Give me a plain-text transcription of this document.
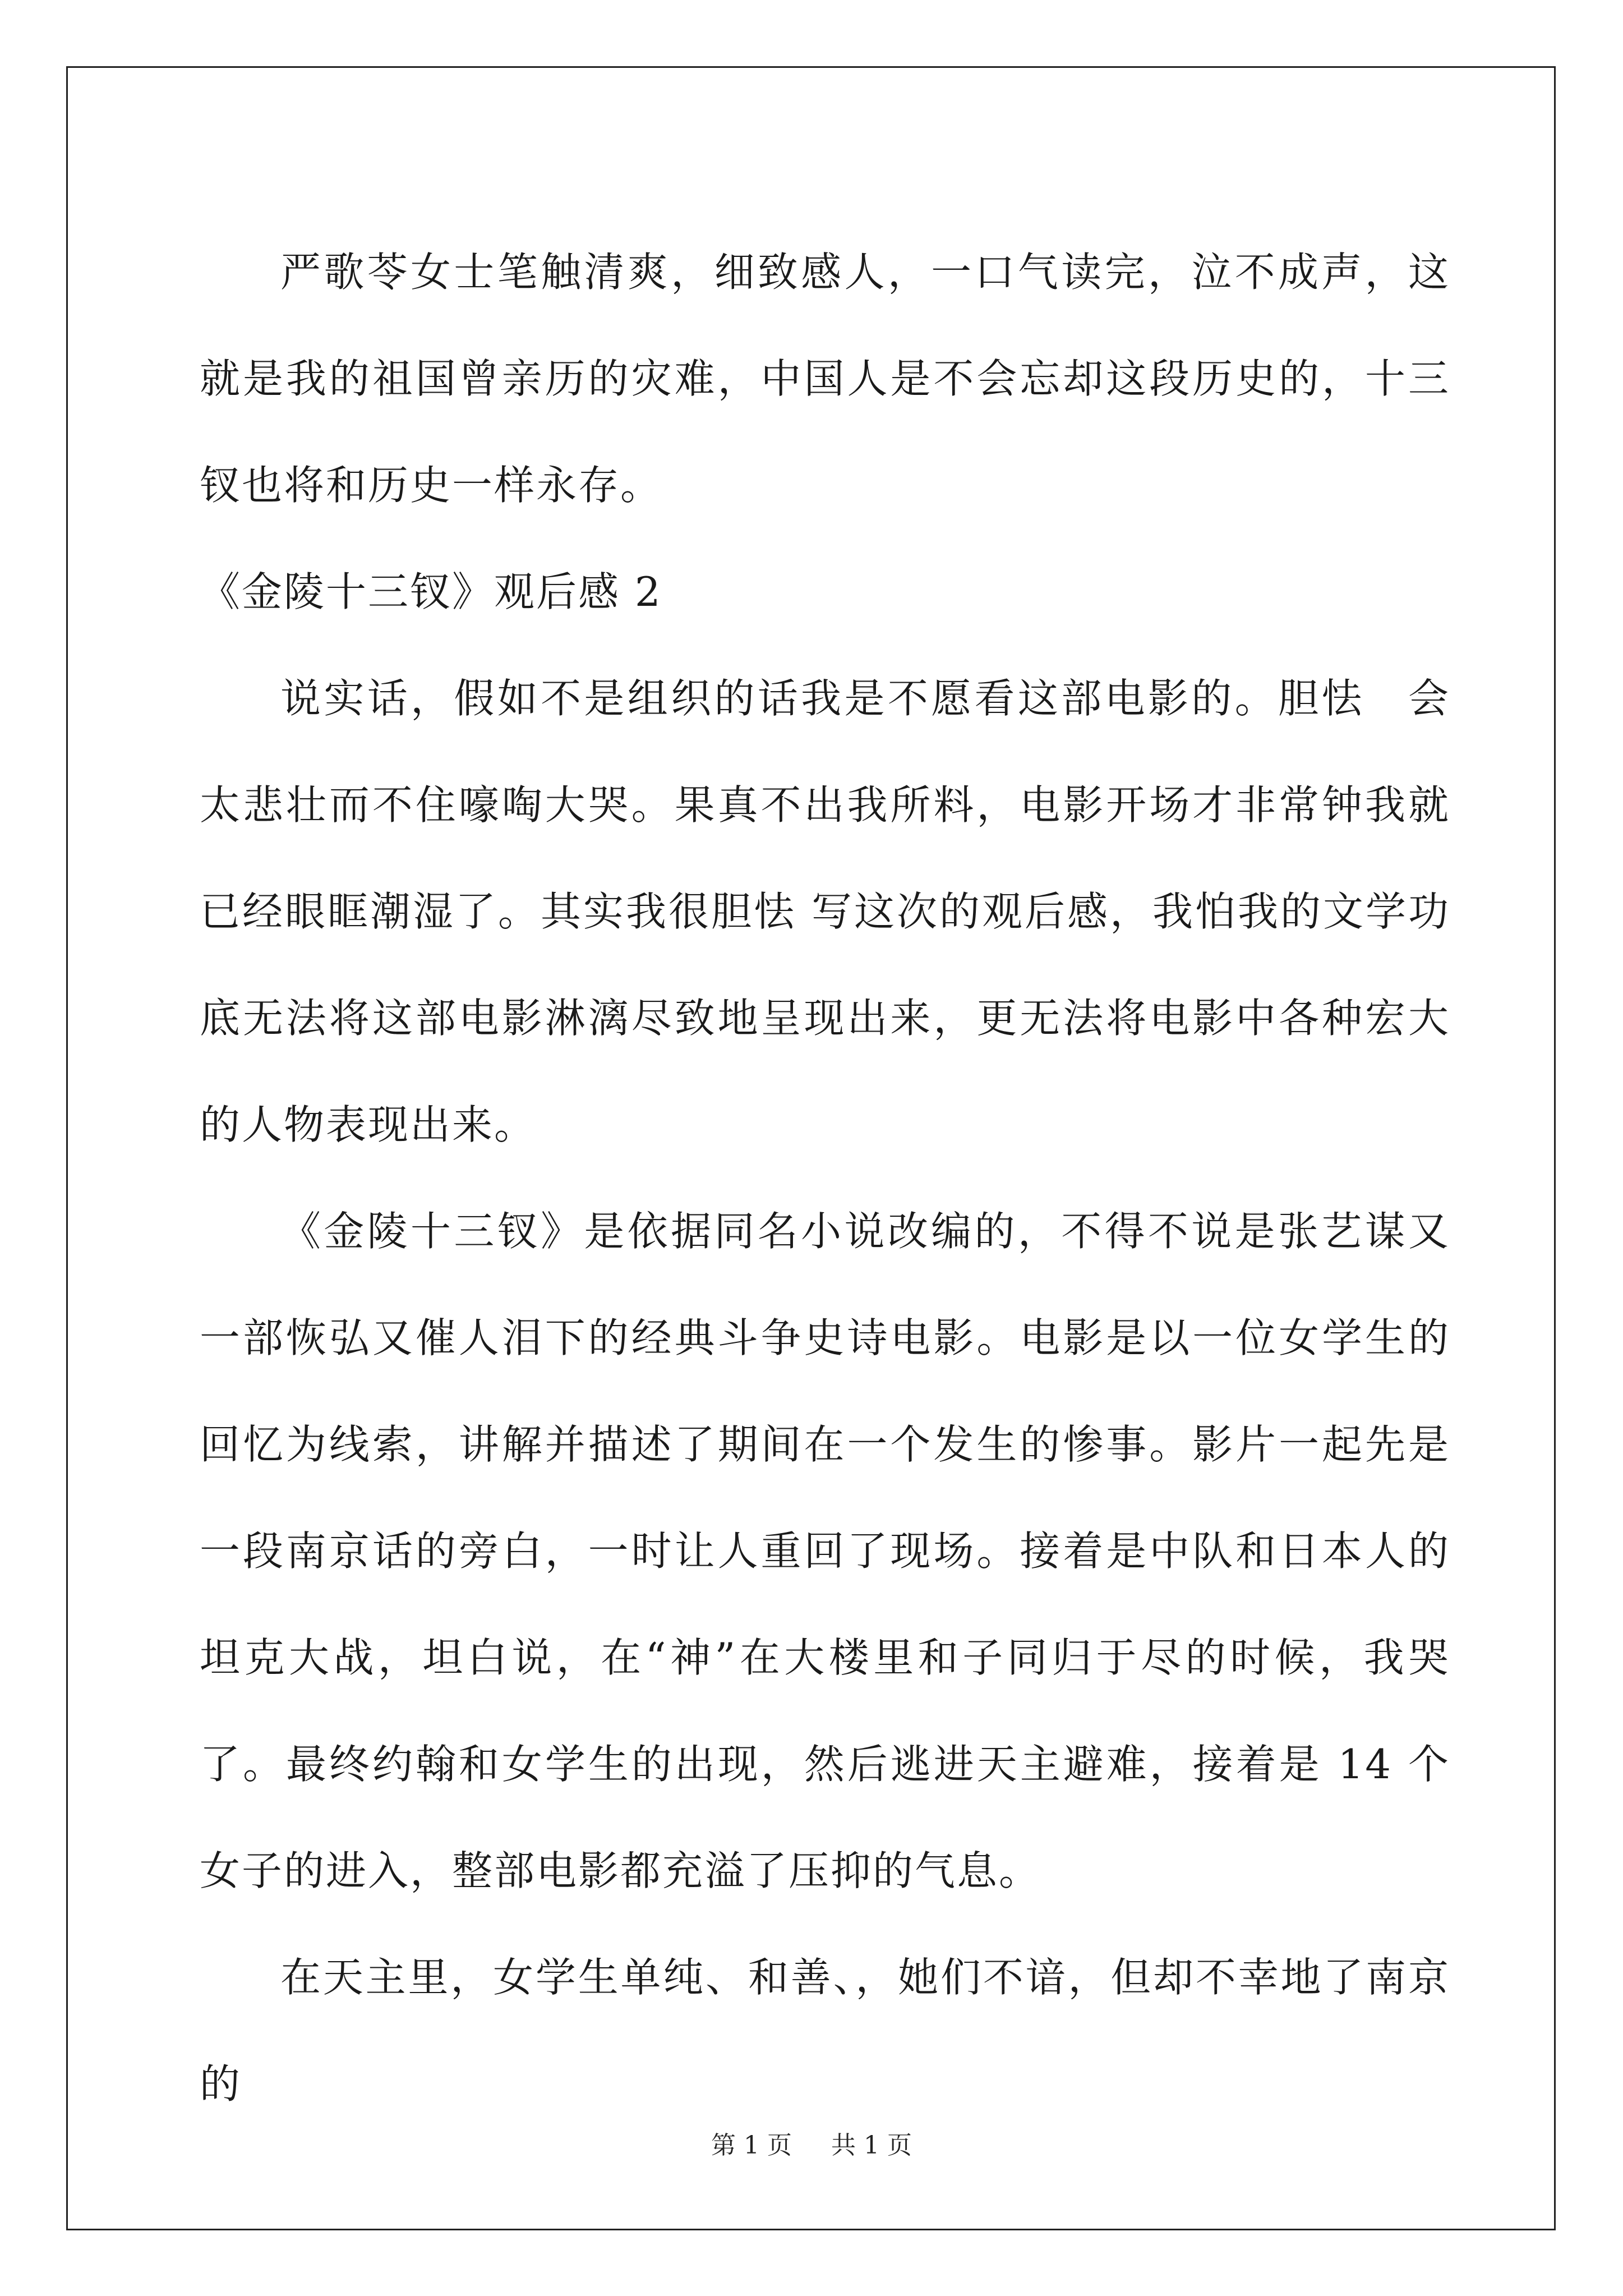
严歌苓女士笔触清爽，细致感人，一口气读完，泣不成声，这就是我的祖国曾亲历的灾难，中国人是不会忘却这段历史的，十三钗也将和历史一样永存。

《金陵十三钗》观后感 2

说实话，假如不是组织的话我是不愿看这部电影的。胆怯　会太悲壮而不住嚎啕大哭。果真不出我所料，电影开场才非常钟我就已经眼眶潮湿了。其实我很胆怯 写这次的观后感，我怕我的文学功底无法将这部电影淋漓尽致地呈现出来，更无法将电影中各种宏大的人物表现出来。

《金陵十三钗》是依据同名小说改编的，不得不说是张艺谋又一部恢弘又催人泪下的经典斗争史诗电影。电影是以一位女学生的回忆为线索，讲解并描述了期间在一个发生的惨事。影片一起先是一段南京话的旁白，一时让人重回了现场。接着是中队和日本人的坦克大战，坦白说，在“神”在大楼里和子同归于尽的时候，我哭了。最终约翰和女学生的出现，然后逃进天主避难，接着是 14 个女子的进入，整部电影都充溢了压抑的气息。

在天主里，女学生单纯、和善、，她们不谙，但却不幸地了南京的

第 1 页 共 1 页
